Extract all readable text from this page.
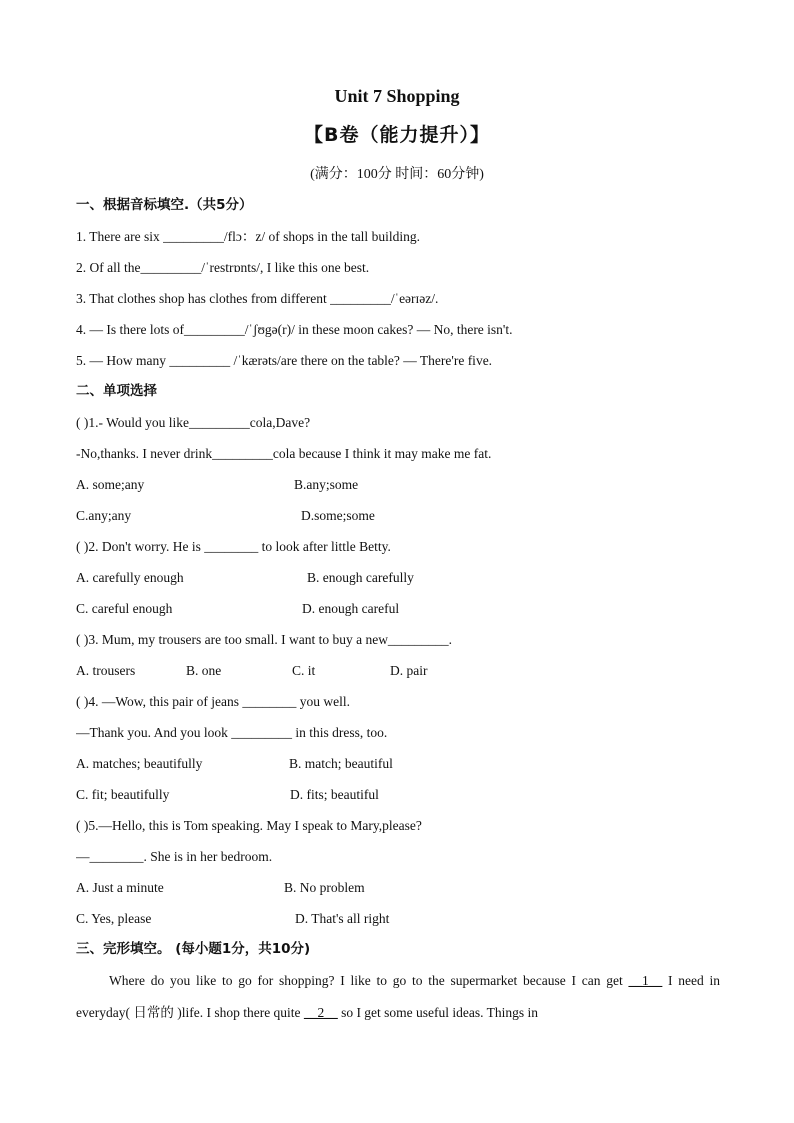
Unit 7 Shopping
【B卷（能力提升）】
(满分：100分 时间：60分钟)
一、根据音标填空.（共5分）
1. There are six _________/flɔ：z/ of shops in the tall building.
2. Of all the_________/ˈrestrɒnts/, I like this one best.
3. That clothes shop has clothes from different _________/ˈeərɪəz/.
4. — Is there lots of_________/ˈʃʊgə(r)/ in these moon cakes? — No, there isn't.
5. — How many _________ /ˈkærəts/are there on the table? — There're five.
二、单项选择
( )1.- Would you like_________cola,Dave?
-No,thanks. I never drink_________cola because I think it may make me fat.
A. some;any	B.any;some
C.any;any	D.some;some
( )2. Don't worry. He is ________ to look after little Betty.
A. carefully enough	B. enough carefully
C. careful enough	D. enough careful
( )3. Mum, my trousers are too small. I want to buy a new_________.
A. trousers	B. one	C. it	D. pair
( )4. —Wow, this pair of jeans ________ you well.
—Thank you. And you look _________ in this dress, too.
A. matches; beautifully	B. match; beautiful
C. fit; beautifully	D. fits; beautiful
( )5.—Hello, this is Tom speaking. May I speak to Mary,please?
—________. She is in her bedroom.
A. Just a minute	B. No problem
C. Yes, please	D. That's all right
三、完形填空。 (每小题1分，共10分)

Where do you like to go for shopping? I like to go to the supermarket because I can get __1__ I need in everyday( 日常的 )life. I shop there quite __2__ so I get some useful ideas. Things in
